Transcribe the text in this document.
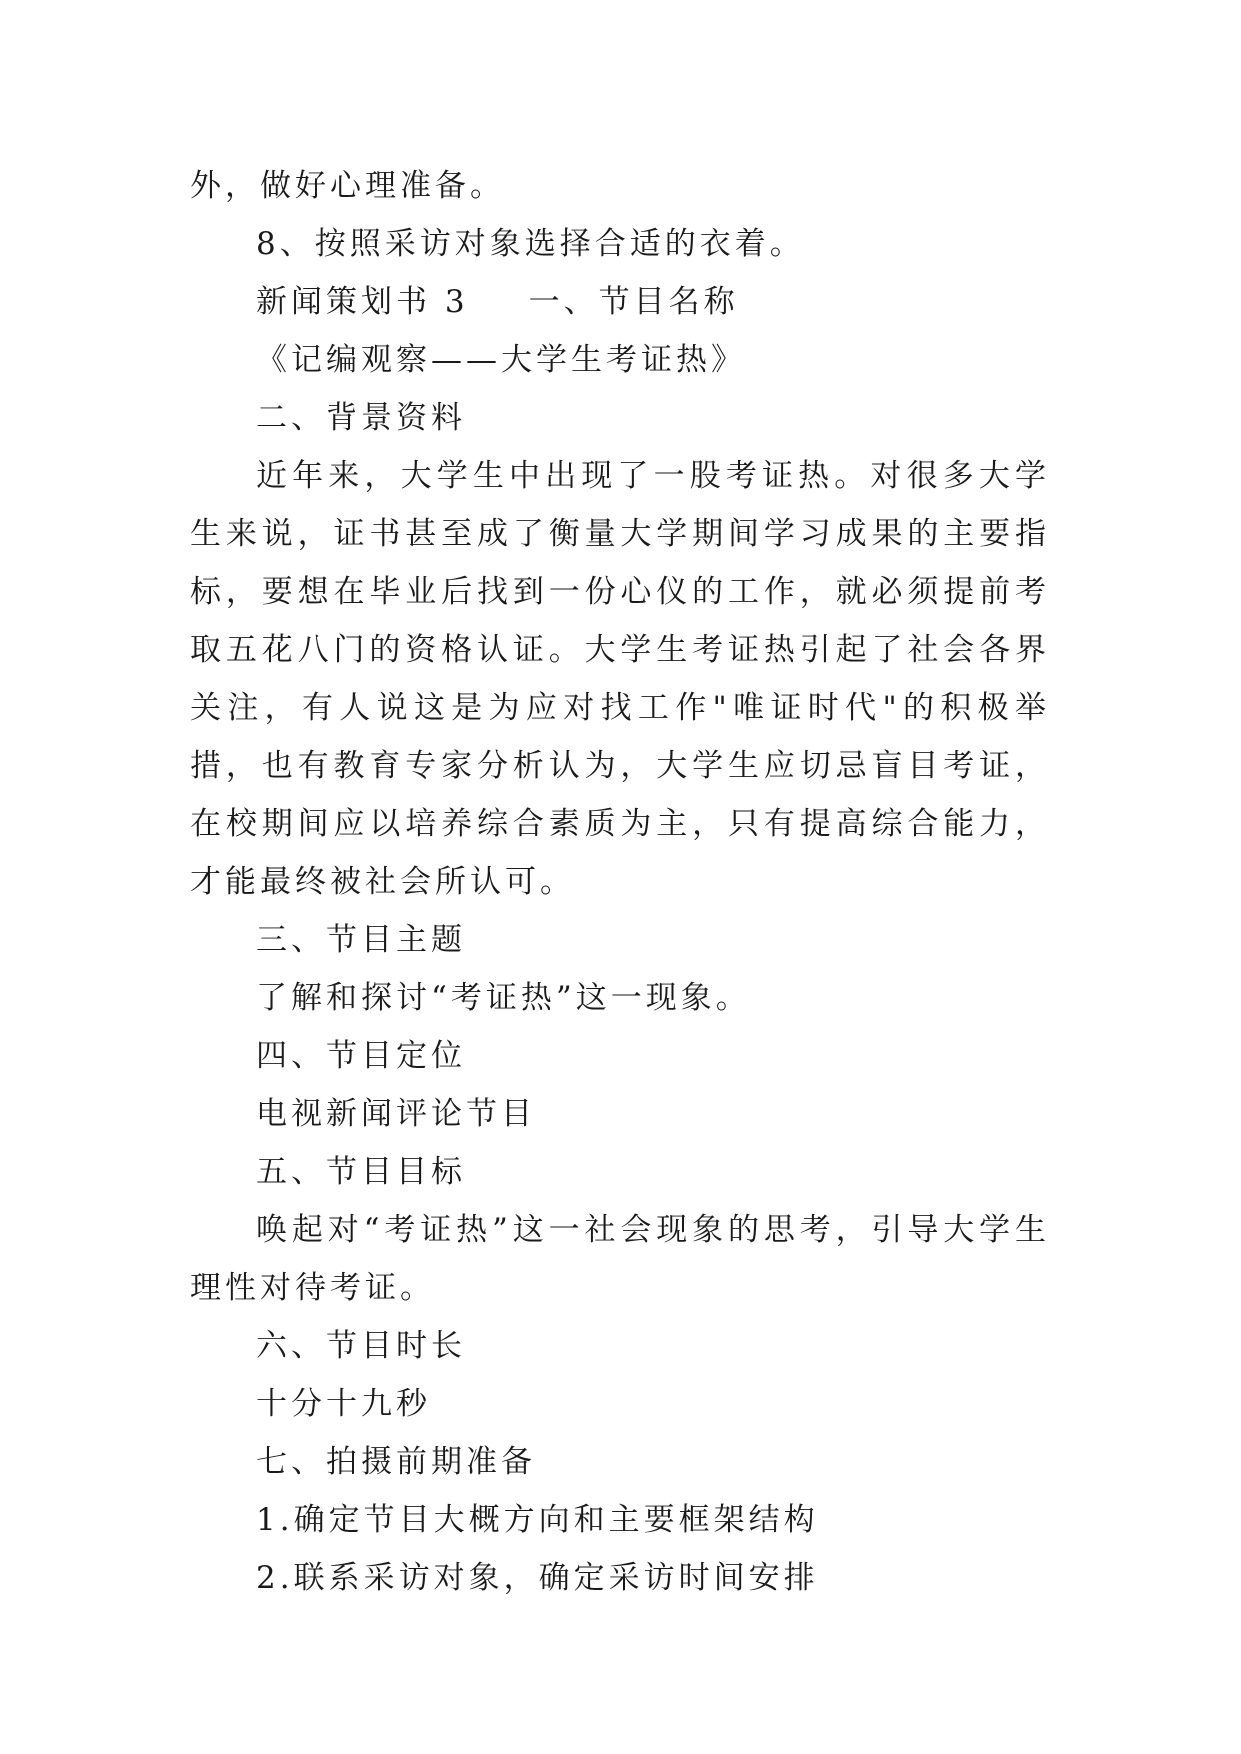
外，做好心理准备。

8、按照采访对象选择合适的衣着。

新闻策划书 3 一、节目名称

《记编观察——大学生考证热》

二、背景资料

近年来，大学生中出现了一股考证热。对很多大学生来说，证书甚至成了衡量大学期间学习成果的主要指标，要想在毕业后找到一份心仪的工作，就必须提前考取五花八门的资格认证。大学生考证热引起了社会各界关注，有人说这是为应对找工作"唯证时代"的积极举措，也有教育专家分析认为，大学生应切忌盲目考证，在校期间应以培养综合素质为主，只有提高综合能力，才能最终被社会所认可。

三、节目主题

了解和探讨“考证热”这一现象。

四、节目定位

电视新闻评论节目

五、节目目标

唤起对“考证热”这一社会现象的思考，引导大学生理性对待考证。

六、节目时长

十分十九秒

七、拍摄前期准备

1.确定节目大概方向和主要框架结构

2.联系采访对象，确定采访时间安排
